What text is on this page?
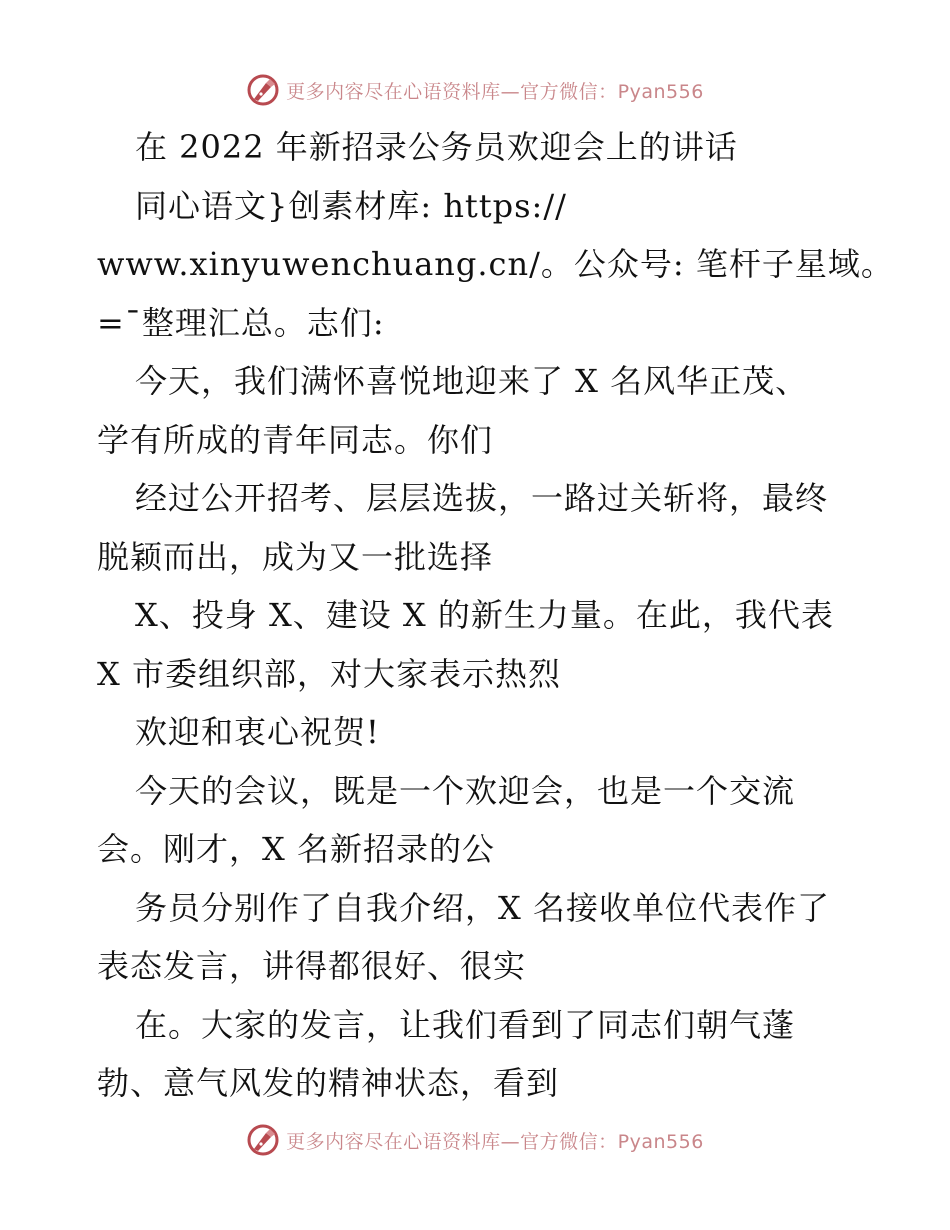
更多内容尽在心语资料库—官方微信：Pyan556
在 2022 年新招录公务员欢迎会上的讲话
同心语文}创素材库: https://
www.xinyuwenchuang.cn/。公众号: 笔杆子星域。
=¯整理汇总。志们:
今天，我们满怀喜悦地迎来了 X 名风华正茂、
学有所成的青年同志。你们
经过公开招考、层层选拔，一路过关斩将，最终
脱颖而出，成为又一批选择
X、投身 X、建设 X 的新生力量。在此，我代表
X 市委组织部，对大家表示热烈
欢迎和衷心祝贺!
今天的会议，既是一个欢迎会，也是一个交流
会。刚才，X 名新招录的公
务员分别作了自我介绍，X 名接收单位代表作了
表态发言，讲得都很好、很实
在。大家的发言，让我们看到了同志们朝气蓬
勃、意气风发的精神状态，看到
更多内容尽在心语资料库—官方微信：Pyan556
